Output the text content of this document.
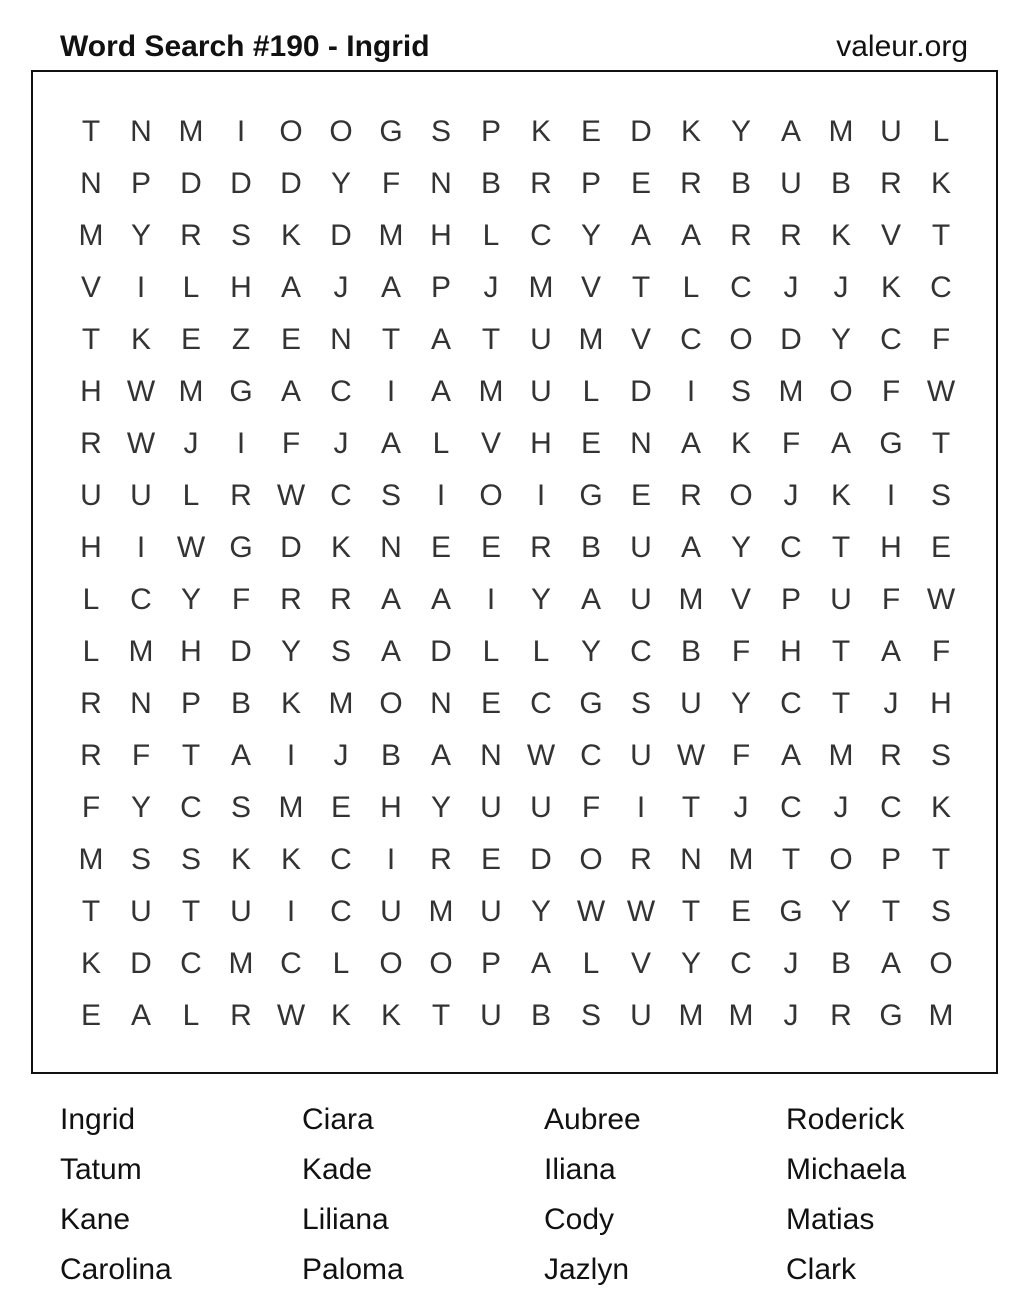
Word Search #190 - Ingrid	valeur.org
T	N M	I	O O G S P K E D K Y A M U	L
N P D D D Y	F	N B R P E R B U B R K
M Y R S K D M H	L	C Y A A R R K V	T
V	I	L	H A	J	A P	J	M V	T	L	C	J	J	K C
T	K E	Z	E N	T	A	T	U M V C O D Y C	F
H W M G A C	I	A M U	L	D	I	S M O F W
R W J	I	F	J	A	L	V H E N A K	F	A G T
U U	L	R W C S	I	O	I	G E R O	J	K	I	S
H	I	W G D K N E E R B U A Y C	T	H E
L	C Y	F	R R A A	I	Y A U M V P U	F W
L M H D Y S A D	L	L	Y C B	F	H	T	A	F
R N P B K M O N E C G S U Y C	T	J	H
R	F	T	A	I	J	B A N W C U W F	A M R S
F	Y C S M E H Y U U	F	I	T	J	C	J	C K
M S S K K C	I	R E D O R N M T O P	T
T	U	T	U	I	C U M U Y W W T	E G Y	T	S
K D C M C	L O O P A	L	V Y C	J	B A O
E A	L	R W K K	T	U B S U M M	J	R G M
Ingrid	Ciara	Aubree	Roderick
Tatum	Kade	Iliana	Michaela
Kane	Liliana	Cody	Matias
Carolina	Paloma	Jazlyn	Clark
